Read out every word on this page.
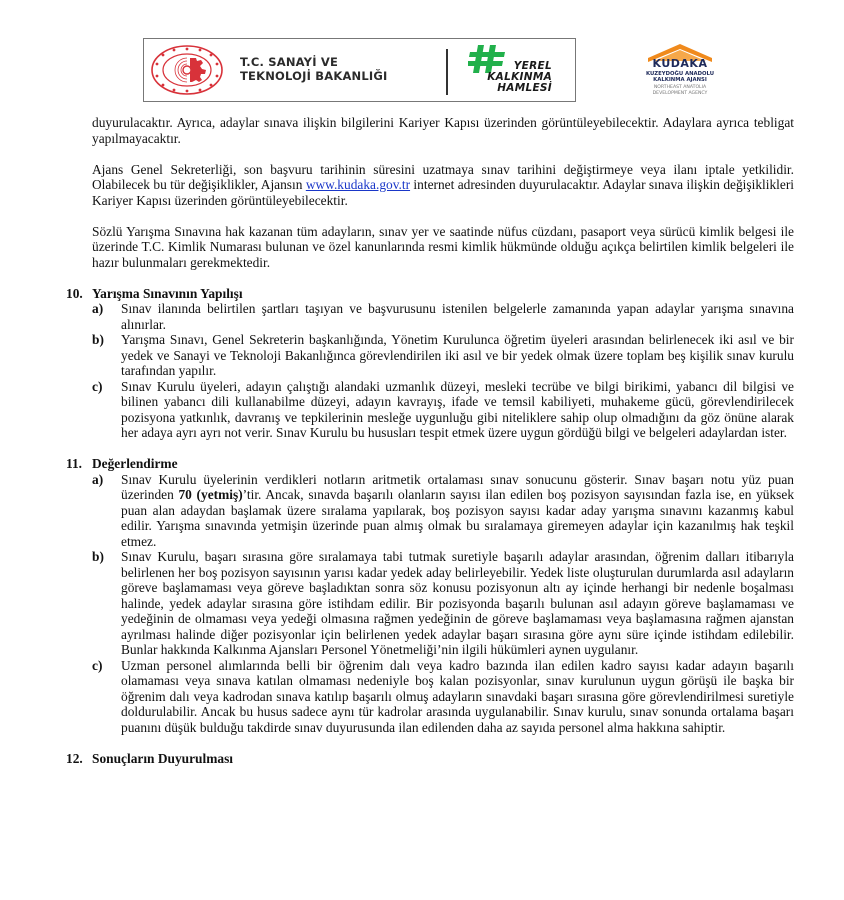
T.C. SANAYİ VE
TEKNOLOJİ BAKANLIĞI
YEREL
KALKINMA
HAMLESİ
KUDAKA
KUZEYDOĞU ANADOLU
KALKINMA AJANSI
NORTHEAST ANATOLIA
DEVELOPMENT AGENCY

duyurulacaktır. Ayrıca, adaylar sınava ilişkin bilgilerini Kariyer Kapısı üzerinden görüntüleyebilecektir. Adaylara ayrıca tebligat yapılmayacaktır.

Ajans Genel Sekreterliği, son başvuru tarihinin süresini uzatmaya sınav tarihini değiştirmeye veya ilanı iptale yetkilidir. Olabilecek bu tür değişiklikler, Ajansın www.kudaka.gov.tr internet adresinden duyurulacaktır. Adaylar sınava ilişkin değişiklikleri Kariyer Kapısı üzerinden görüntüleyebilecektir.

Sözlü Yarışma Sınavına hak kazanan tüm adayların, sınav yer ve saatinde nüfus cüzdanı, pasaport veya sürücü kimlik belgesi ile üzerinde T.C. Kimlik Numarası bulunan ve özel kanunlarında resmi kimlik hükmünde olduğu açıkça belirtilen kimlik belgeleri ile hazır bulunmaları gerekmektedir.

10. Yarışma Sınavının Yapılışı
a)	Sınav ilanında belirtilen şartları taşıyan ve başvurusunu istenilen belgelerle zamanında yapan adaylar yarışma sınavına alınırlar.
b)	Yarışma Sınavı, Genel Sekreterin başkanlığında, Yönetim Kurulunca öğretim üyeleri arasından belirlenecek iki asıl ve bir yedek ve Sanayi ve Teknoloji Bakanlığınca görevlendirilen iki asıl ve bir yedek olmak üzere toplam beş kişilik sınav kurulu tarafından yapılır.
c)	Sınav Kurulu üyeleri, adayın çalıştığı alandaki uzmanlık düzeyi, mesleki tecrübe ve bilgi birikimi, yabancı dil bilgisi ve bilinen yabancı dili kullanabilme düzeyi, adayın kavrayış, ifade ve temsil kabiliyeti, muhakeme gücü, görevlendirilecek pozisyona yatkınlık, davranış ve tepkilerinin mesleğe uygunluğu gibi niteliklere sahip olup olmadığını da göz önüne alarak her adaya ayrı ayrı not verir. Sınav Kurulu bu hususları tespit etmek üzere uygun gördüğü bilgi ve belgeleri adaylardan ister.
11. Değerlendirme
a)	Sınav Kurulu üyelerinin verdikleri notların aritmetik ortalaması sınav sonucunu gösterir. Sınav başarı notu yüz puan üzerinden 70 (yetmiş)’tir. Ancak, sınavda başarılı olanların sayısı ilan edilen boş pozisyon sayısından fazla ise, en yüksek puan alan adaydan başlamak üzere sıralama yapılarak, boş pozisyon sayısı kadar aday yarışma sınavını kazanmış kabul edilir. Yarışma sınavında yetmişin üzerinde puan almış olmak bu sıralamaya giremeyen adaylar için kazanılmış hak teşkil etmez.
b)	Sınav Kurulu, başarı sırasına göre sıralamaya tabi tutmak suretiyle başarılı adaylar arasından, öğrenim dalları itibarıyla belirlenen her boş pozisyon sayısının yarısı kadar yedek aday belirleyebilir. Yedek liste oluşturulan durumlarda asıl adayların göreve başlamaması veya göreve başladıktan sonra söz konusu pozisyonun altı ay içinde herhangi bir nedenle boşalması halinde, yedek adaylar sırasına göre istihdam edilir. Bir pozisyonda başarılı bulunan asıl adayın göreve başlamaması ve yedeğinin de olmaması veya yedeği olmasına rağmen yedeğinin de göreve başlamaması veya başlamasına rağmen ajanstan ayrılması halinde diğer pozisyonlar için belirlenen yedek adaylar başarı sırasına göre aynı süre içinde istihdam edilebilir. Bunlar hakkında Kalkınma Ajansları Personel Yönetmeliği’nin ilgili hükümleri aynen uygulanır.
c)	Uzman personel alımlarında belli bir öğrenim dalı veya kadro bazında ilan edilen kadro sayısı kadar adayın başarılı olamaması veya sınava katılan olmaması nedeniyle boş kalan pozisyonlar, sınav kurulunun uygun görüşü ile başka bir öğrenim dalı veya kadrodan sınava katılıp başarılı olmuş adayların sınavdaki başarı sırasına göre görevlendirilmesi suretiyle doldurulabilir. Ancak bu husus sadece aynı tür kadrolar arasında uygulanabilir. Sınav kurulu, sınav sonunda ortalama başarı puanını düşük bulduğu takdirde sınav duyurusunda ilan edilenden daha az sayıda personel alma hakkına sahiptir.
12. Sonuçların Duyurulması
